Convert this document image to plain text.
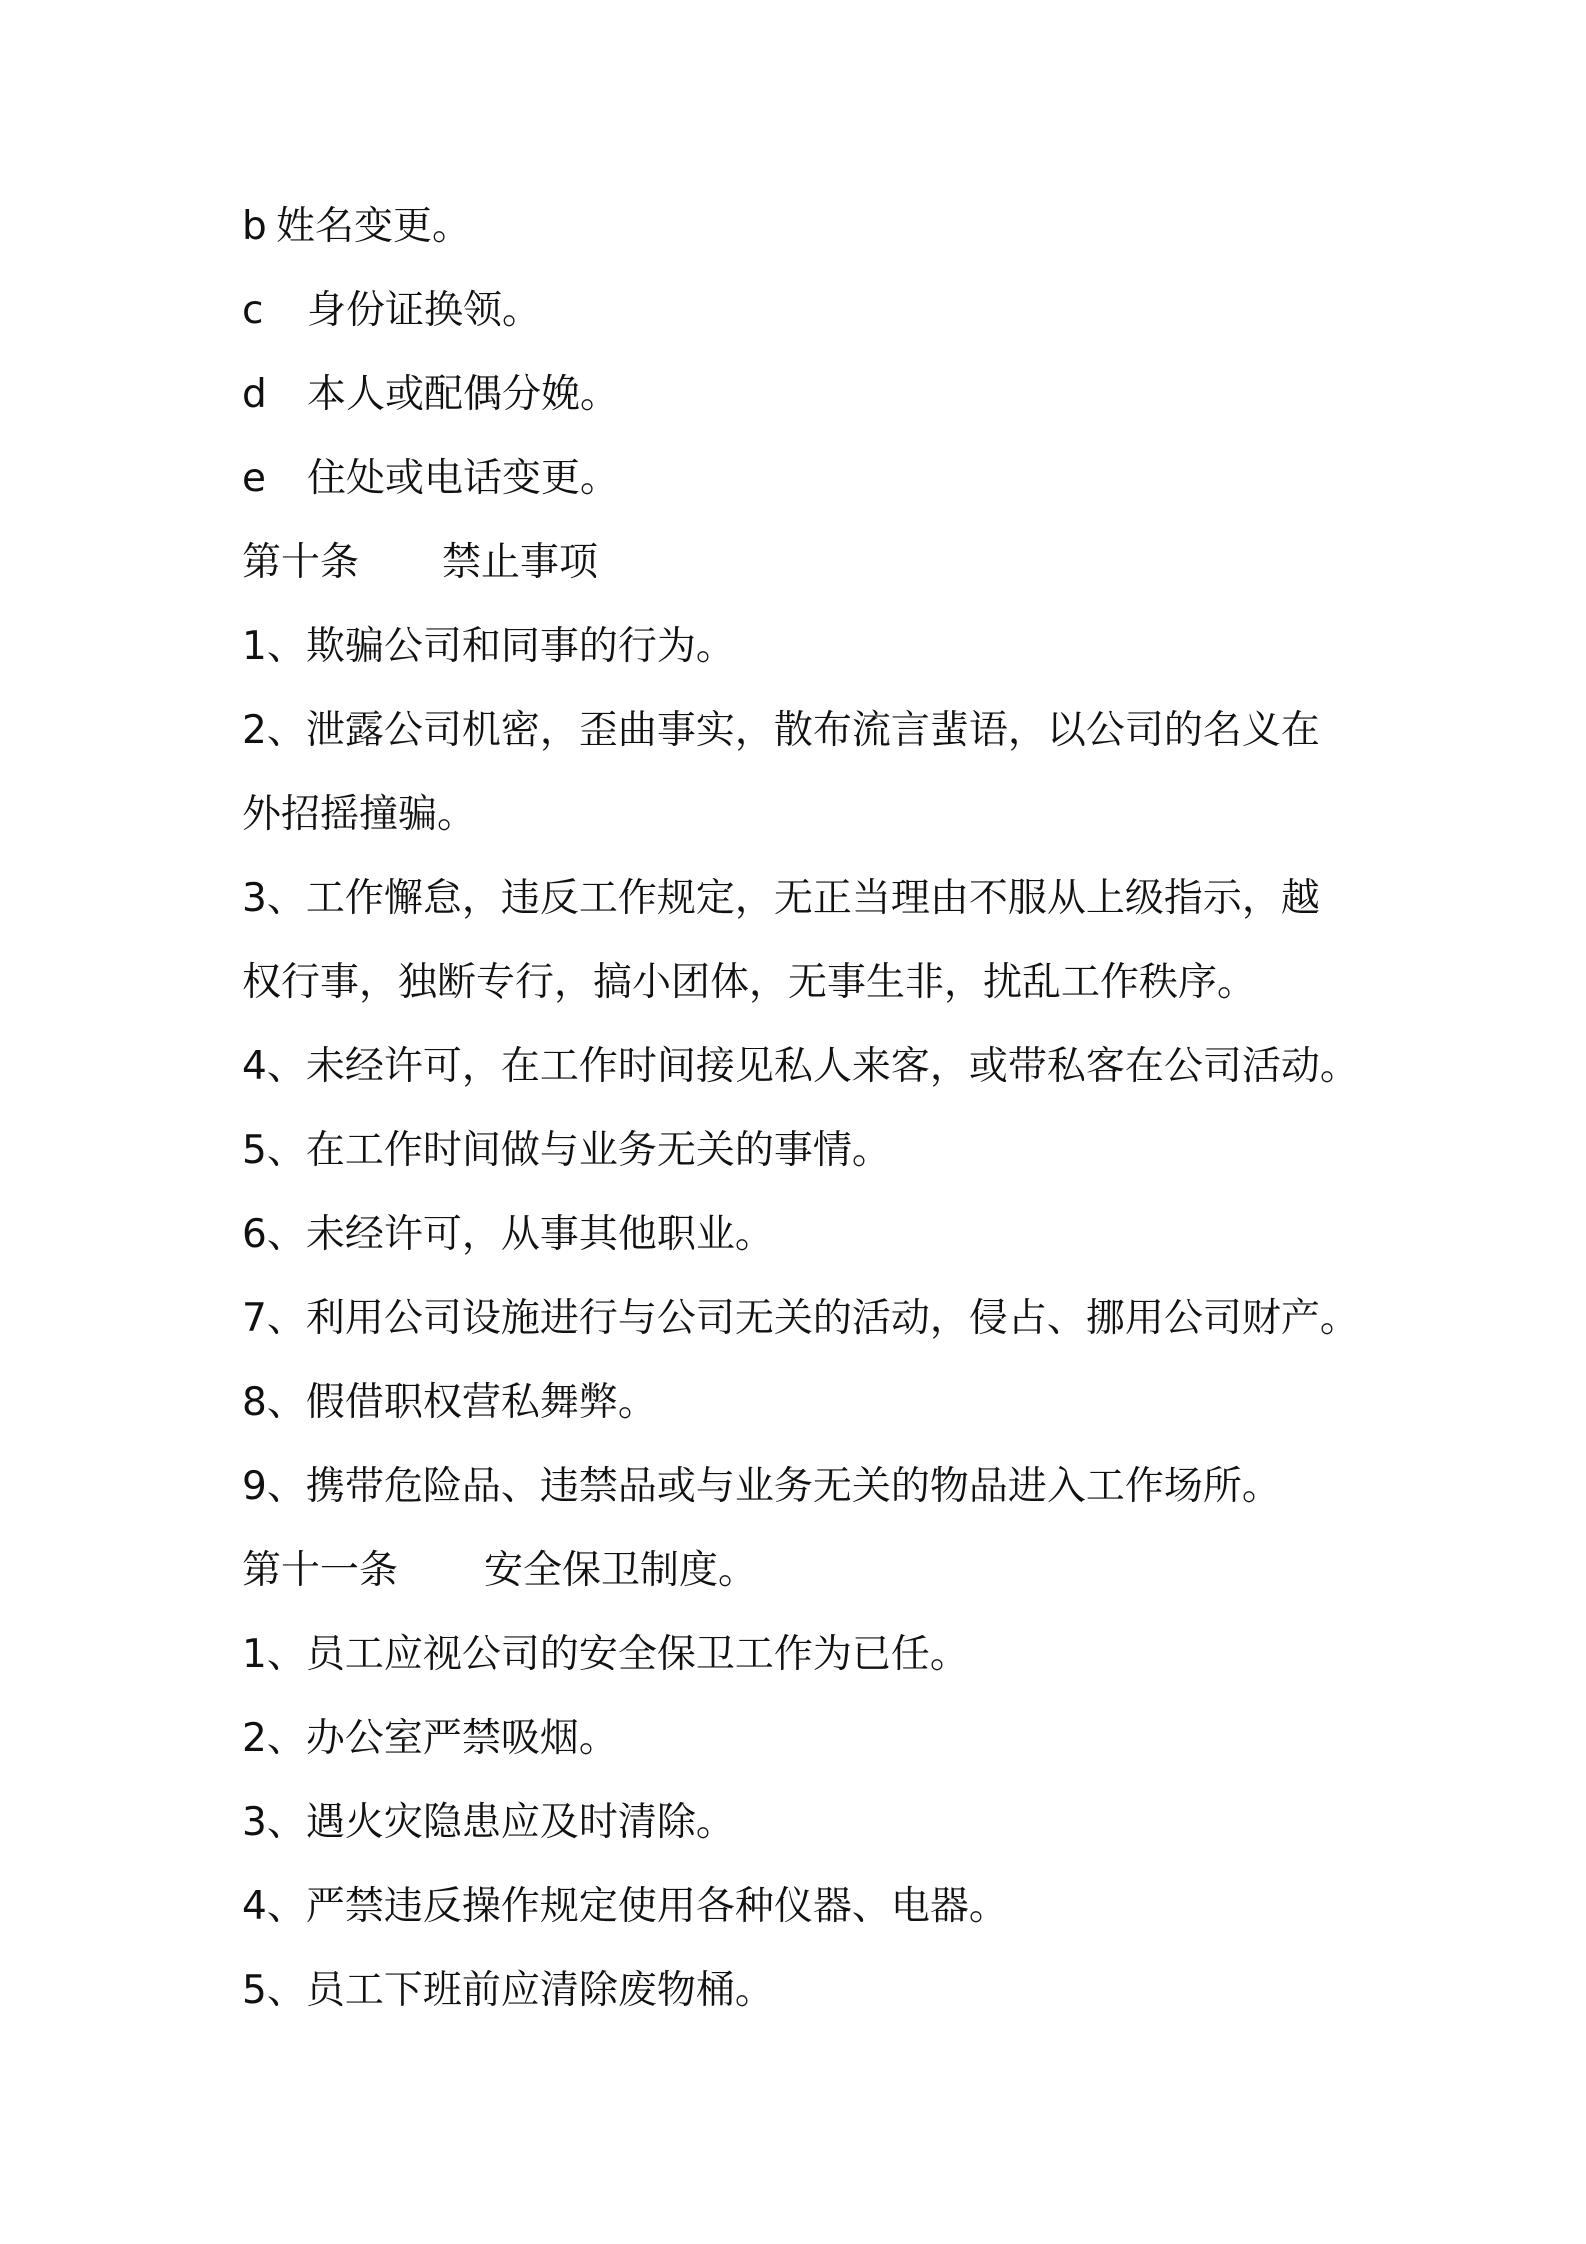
b 姓名变更。
c 身份证换领。
d 本人或配偶分娩。
e 住处或电话变更。
第十条 禁止事项
1、欺骗公司和同事的行为。
2、泄露公司机密，歪曲事实，散布流言蜚语，以公司的名义在
外招摇撞骗。
3、工作懈怠，违反工作规定，无正当理由不服从上级指示，越
权行事，独断专行，搞小团体，无事生非，扰乱工作秩序。
4、未经许可，在工作时间接见私人来客，或带私客在公司活动。
5、在工作时间做与业务无关的事情。
6、未经许可，从事其他职业。
7、利用公司设施进行与公司无关的活动，侵占、挪用公司财产。
8、假借职权营私舞弊。
9、携带危险品、违禁品或与业务无关的物品进入工作场所。
第十一条 安全保卫制度。
1、员工应视公司的安全保卫工作为已任。
2、办公室严禁吸烟。
3、遇火灾隐患应及时清除。
4、严禁违反操作规定使用各种仪器、电器。
5、员工下班前应清除废物桶。
